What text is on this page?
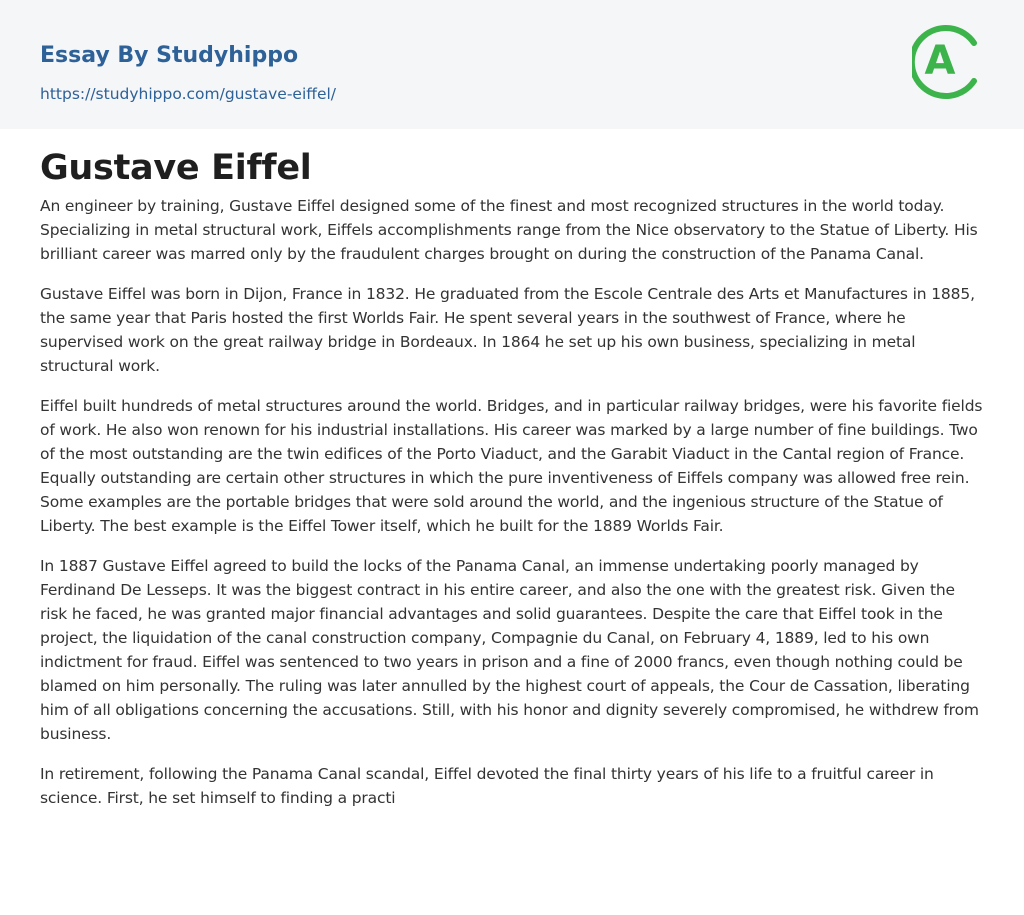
Essay By Studyhippo
https://studyhippo.com/gustave-eiffel/
A
Gustave Eiffel

An engineer by training, Gustave Eiffel designed some of the finest and most recognized structures in the world today. Specializing in metal structural work, Eiffels accomplishments range from the Nice observatory to the Statue of Liberty. His brilliant career was marred only by the fraudulent charges brought on during the construction of the Panama Canal.

Gustave Eiffel was born in Dijon, France in 1832. He graduated from the Escole Centrale des Arts et Manufactures in 1885, the same year that Paris hosted the first Worlds Fair. He spent several years in the southwest of France, where he supervised work on the great railway bridge in Bordeaux. In 1864 he set up his own business, specializing in metal structural work.

Eiffel built hundreds of metal structures around the world. Bridges, and in particular railway bridges, were his favorite fields of work. He also won renown for his industrial installations. His career was marked by a large number of fine buildings. Two of the most outstanding are the twin edifices of the Porto Viaduct, and the Garabit Viaduct in the Cantal region of France. Equally outstanding are certain other structures in which the pure inventiveness of Eiffels company was allowed free rein. Some examples are the portable bridges that were sold around the world, and the ingenious structure of the Statue of Liberty. The best example is the Eiffel Tower itself, which he built for the 1889 Worlds Fair.

In 1887 Gustave Eiffel agreed to build the locks of the Panama Canal, an immense undertaking poorly managed by Ferdinand De Lesseps. It was the biggest contract in his entire career, and also the one with the greatest risk. Given the risk he faced, he was granted major financial advantages and solid guarantees. Despite the care that Eiffel took in the project, the liquidation of the canal construction company, Compagnie du Canal, on February 4, 1889, led to his own indictment for fraud. Eiffel was sentenced to two years in prison and a fine of 2000 francs, even though nothing could be blamed on him personally. The ruling was later annulled by the highest court of appeals, the Cour de Cassation, liberating him of all obligations concerning the accusations. Still, with his honor and dignity severely compromised, he withdrew from business.

In retirement, following the Panama Canal scandal, Eiffel devoted the final thirty years of his life to a fruitful career in science. First, he set himself to finding a practi
